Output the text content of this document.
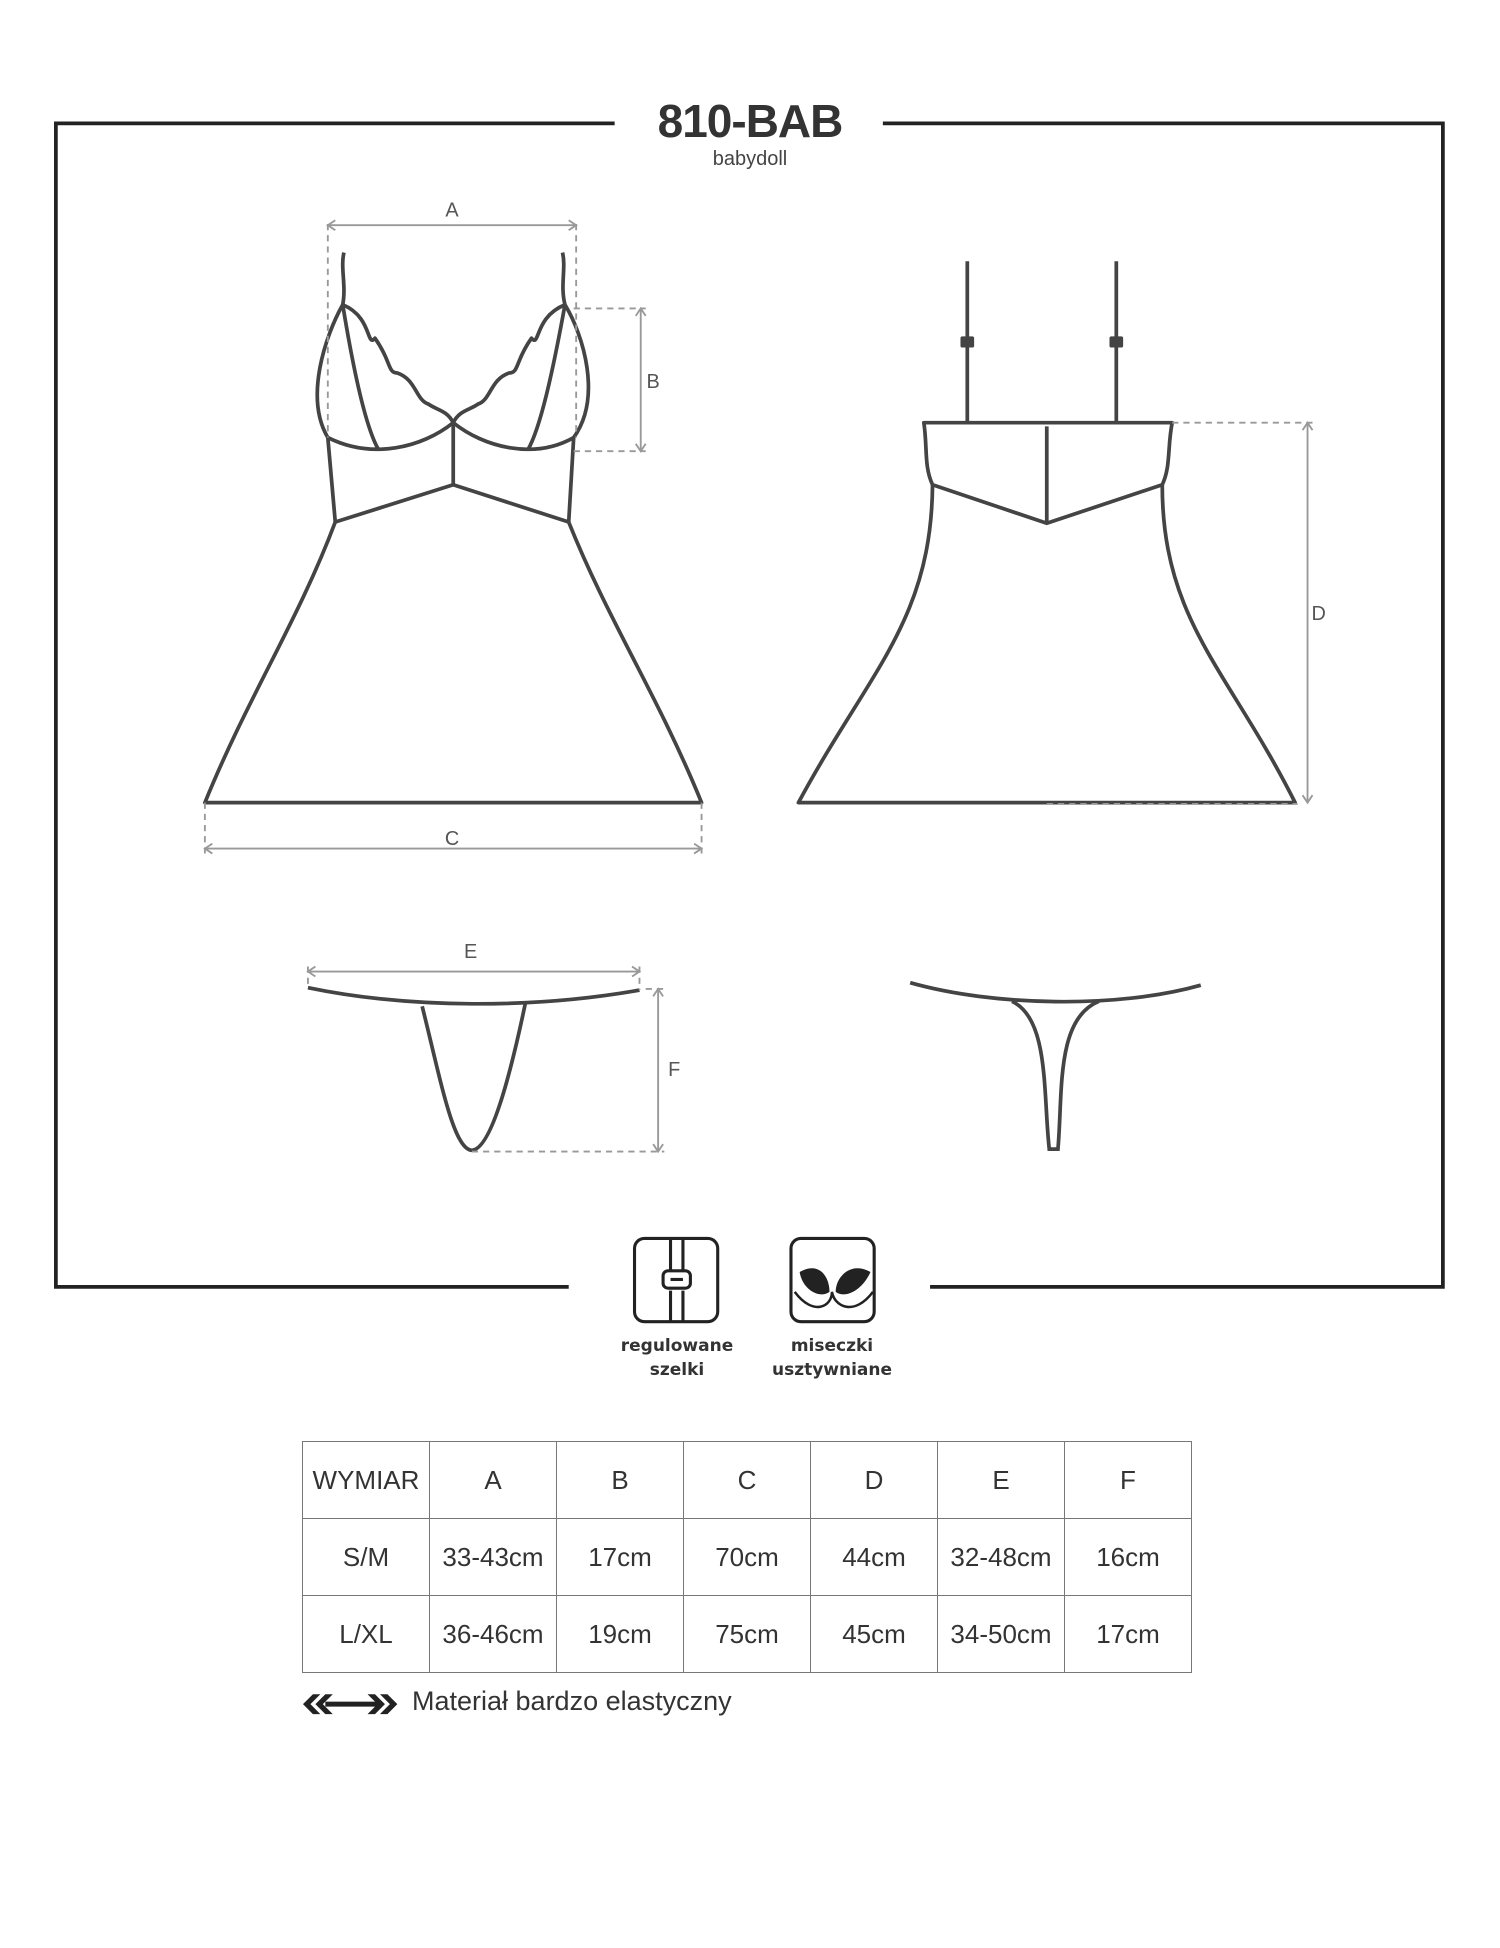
A
B
C
D
E
F
810-BAB
babydoll
regulowane
szelki
miseczki
usztywniane
WYMIAR	A	B	C	D	E	F
S/M	33-43cm	17cm	70cm	44cm	32-48cm	16cm
L/XL	36-46cm	19cm	75cm	45cm	34-50cm	17cm
Materiał bardzo elastyczny
